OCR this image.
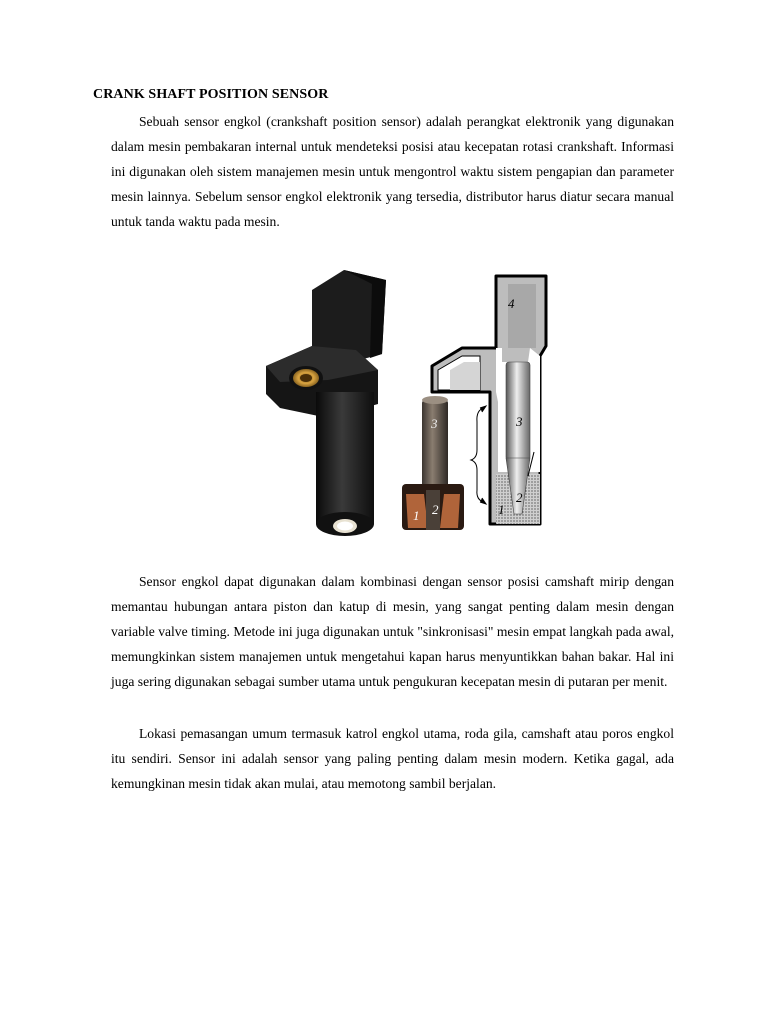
CRANK SHAFT POSITION SENSOR

Sebuah sensor engkol (crankshaft position sensor) adalah perangkat elektronik yang digunakan dalam mesin pembakaran internal untuk mendeteksi posisi atau kecepatan rotasi crankshaft. Informasi ini digunakan oleh sistem manajemen mesin untuk mengontrol waktu sistem pengapian dan parameter mesin lainnya. Sebelum sensor engkol elektronik yang tersedia, distributor harus diatur secara manual untuk tanda waktu pada mesin.

3
1 2
4
3
2
1

Sensor engkol dapat digunakan dalam kombinasi dengan sensor posisi camshaft mirip dengan memantau hubungan antara piston dan katup di mesin, yang sangat penting dalam mesin dengan variable valve timing. Metode ini juga digunakan untuk "sinkronisasi" mesin empat langkah pada awal, memungkinkan sistem manajemen untuk mengetahui kapan harus menyuntikkan bahan bakar. Hal ini juga sering digunakan sebagai sumber utama untuk pengukuran kecepatan mesin di putaran per menit.

Lokasi pemasangan umum termasuk katrol engkol utama, roda gila, camshaft atau poros engkol itu sendiri. Sensor ini adalah sensor yang paling penting dalam mesin modern. Ketika gagal, ada kemungkinan mesin tidak akan mulai, atau memotong sambil berjalan.
